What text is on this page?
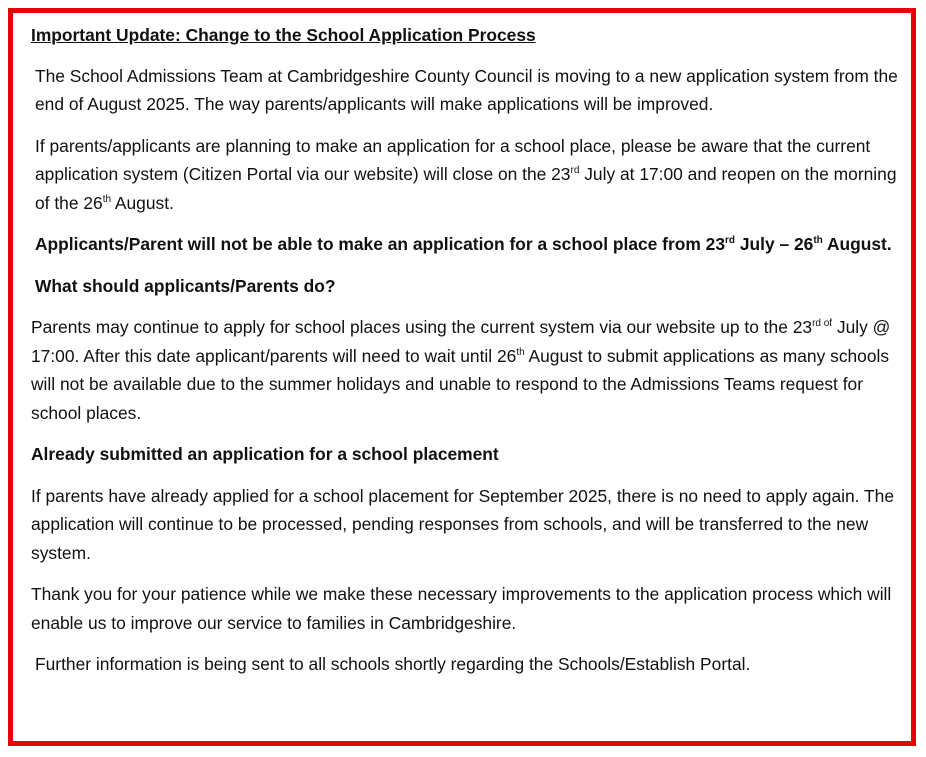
Important Update: Change to the School Application Process

The School Admissions Team at Cambridgeshire County Council is moving to a new application system from the end of August 2025. The way parents/applicants will make applications will be improved.

If parents/applicants are planning to make an application for a school place, please be aware that the current application system (Citizen Portal via our website) will close on the 23rd July at 17:00 and reopen on the morning of the 26th August.

Applicants/Parent will not be able to make an application for a school place from 23rd July – 26th August.

What should applicants/Parents do?

Parents may continue to apply for school places using the current system via our website up to the $23^{rd of}$ July @ 17:00. After this date applicant/parents will need to wait until 26th August to submit applications as many schools will not be available due to the summer holidays and unable to respond to the Admissions Teams request for school places.

Already submitted an application for a school placement

If parents have already applied for a school placement for September 2025, there is no need to apply again. The application will continue to be processed, pending responses from schools, and will be transferred to the new system.

Thank you for your patience while we make these necessary improvements to the application process which will enable us to improve our service to families in Cambridgeshire.

Further information is being sent to all schools shortly regarding the Schools/Establish Portal.
